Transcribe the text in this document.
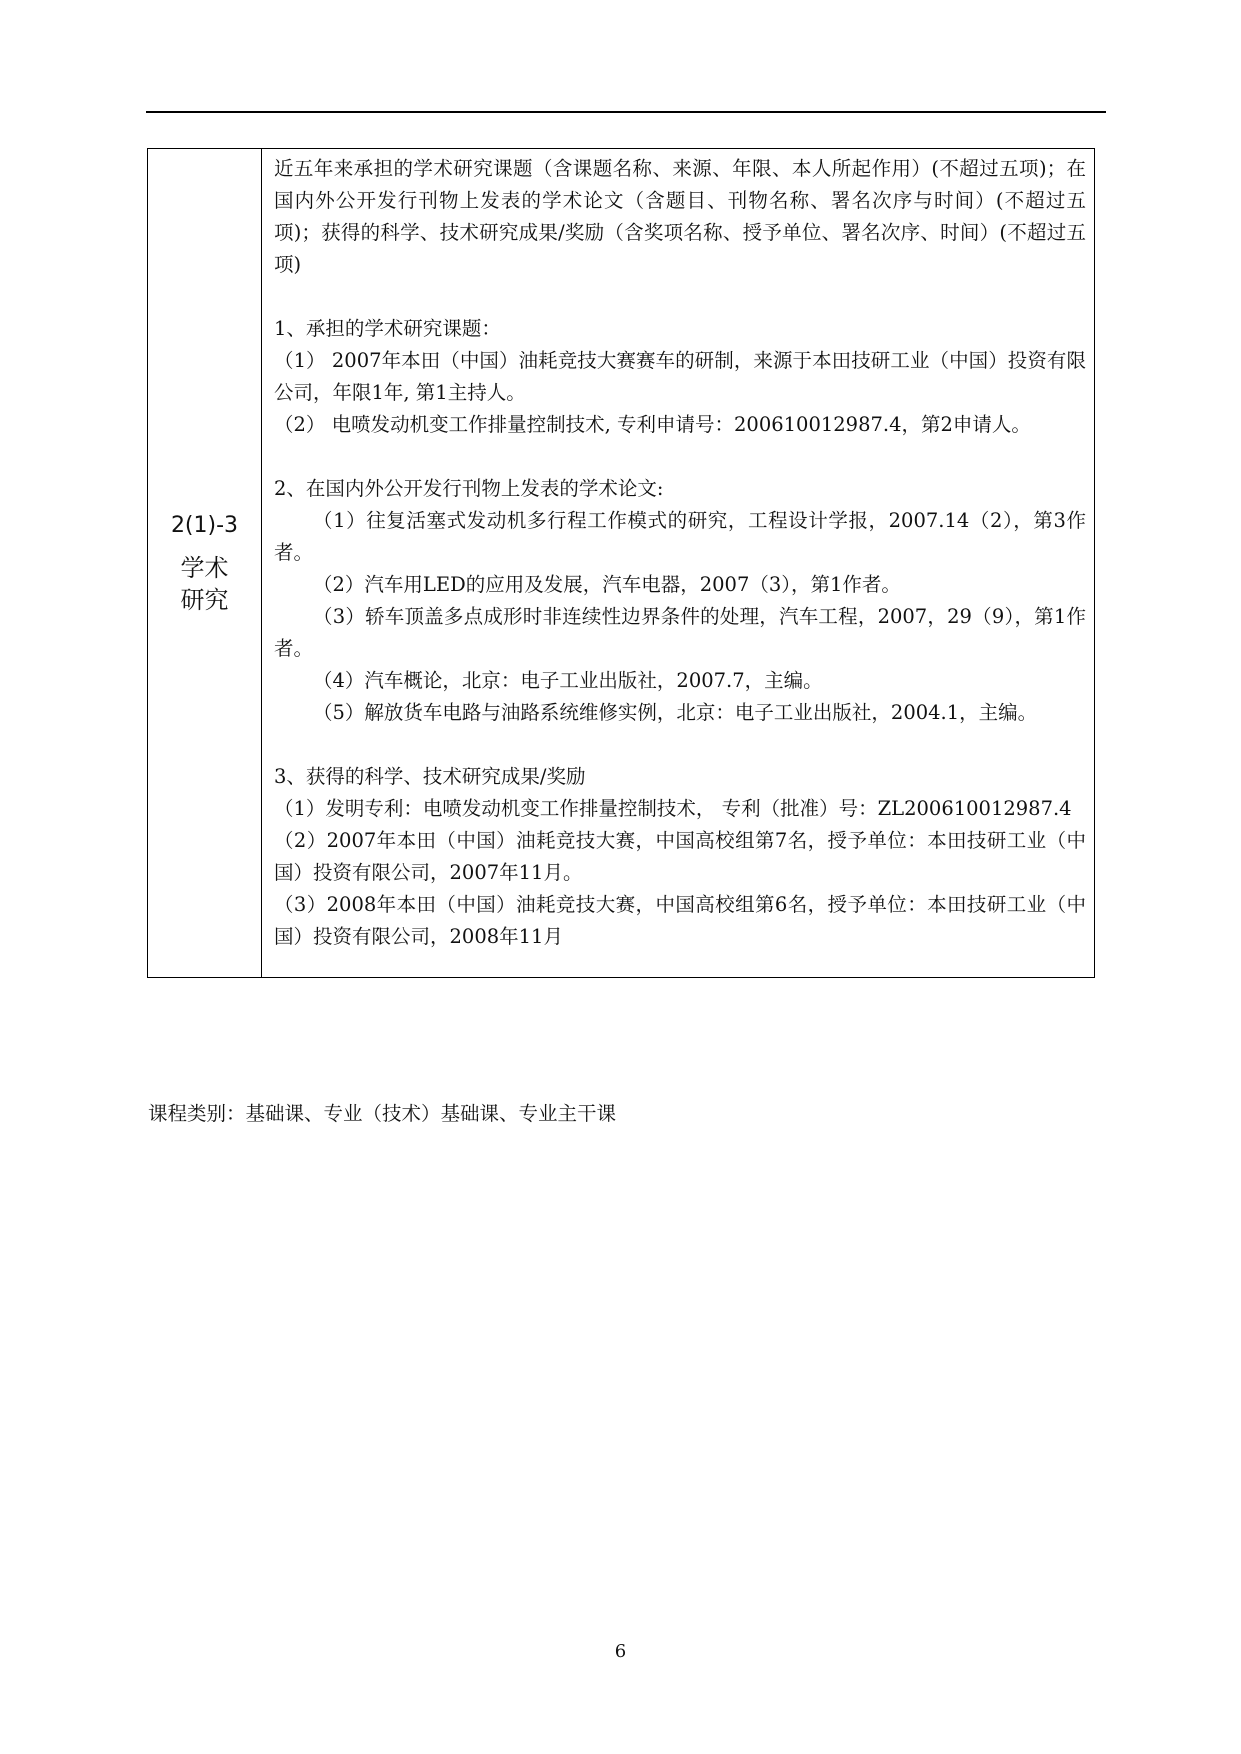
2(1)-3
学术研究

近五年来承担的学术研究课题（含课题名称、来源、年限、本人所起作用）(不超过五项)；在国内外公开发行刊物上发表的学术论文（含题目、刊物名称、署名次序与时间）(不超过五项)；获得的科学、技术研究成果/奖励（含奖项名称、授予单位、署名次序、时间）(不超过五项)

1、承担的学术研究课题：

（1） 2007年本田（中国）油耗竞技大赛赛车的研制，来源于本田技研工业（中国）投资有限公司，年限1年, 第1主持人。

（2） 电喷发动机变工作排量控制技术, 专利申请号：200610012987.4，第2申请人。

2、在国内外公开发行刊物上发表的学术论文:

（1）往复活塞式发动机多行程工作模式的研究，工程设计学报，2007.14（2），第3作者。

（2）汽车用LED的应用及发展，汽车电器，2007（3），第1作者。

（3）轿车顶盖多点成形时非连续性边界条件的处理，汽车工程，2007，29（9），第1作者。

（4）汽车概论，北京：电子工业出版社，2007.7，主编。

（5）解放货车电路与油路系统维修实例，北京：电子工业出版社，2004.1，主编。

3、获得的科学、技术研究成果/奖励

（1）发明专利：电喷发动机变工作排量控制技术， 专利（批准）号：ZL200610012987.4

（2）2007年本田（中国）油耗竞技大赛，中国高校组第7名，授予单位：本田技研工业（中国）投资有限公司，2007年11月。

（3）2008年本田（中国）油耗竞技大赛，中国高校组第6名，授予单位：本田技研工业（中国）投资有限公司，2008年11月

课程类别：基础课、专业（技术）基础课、专业主干课
6
